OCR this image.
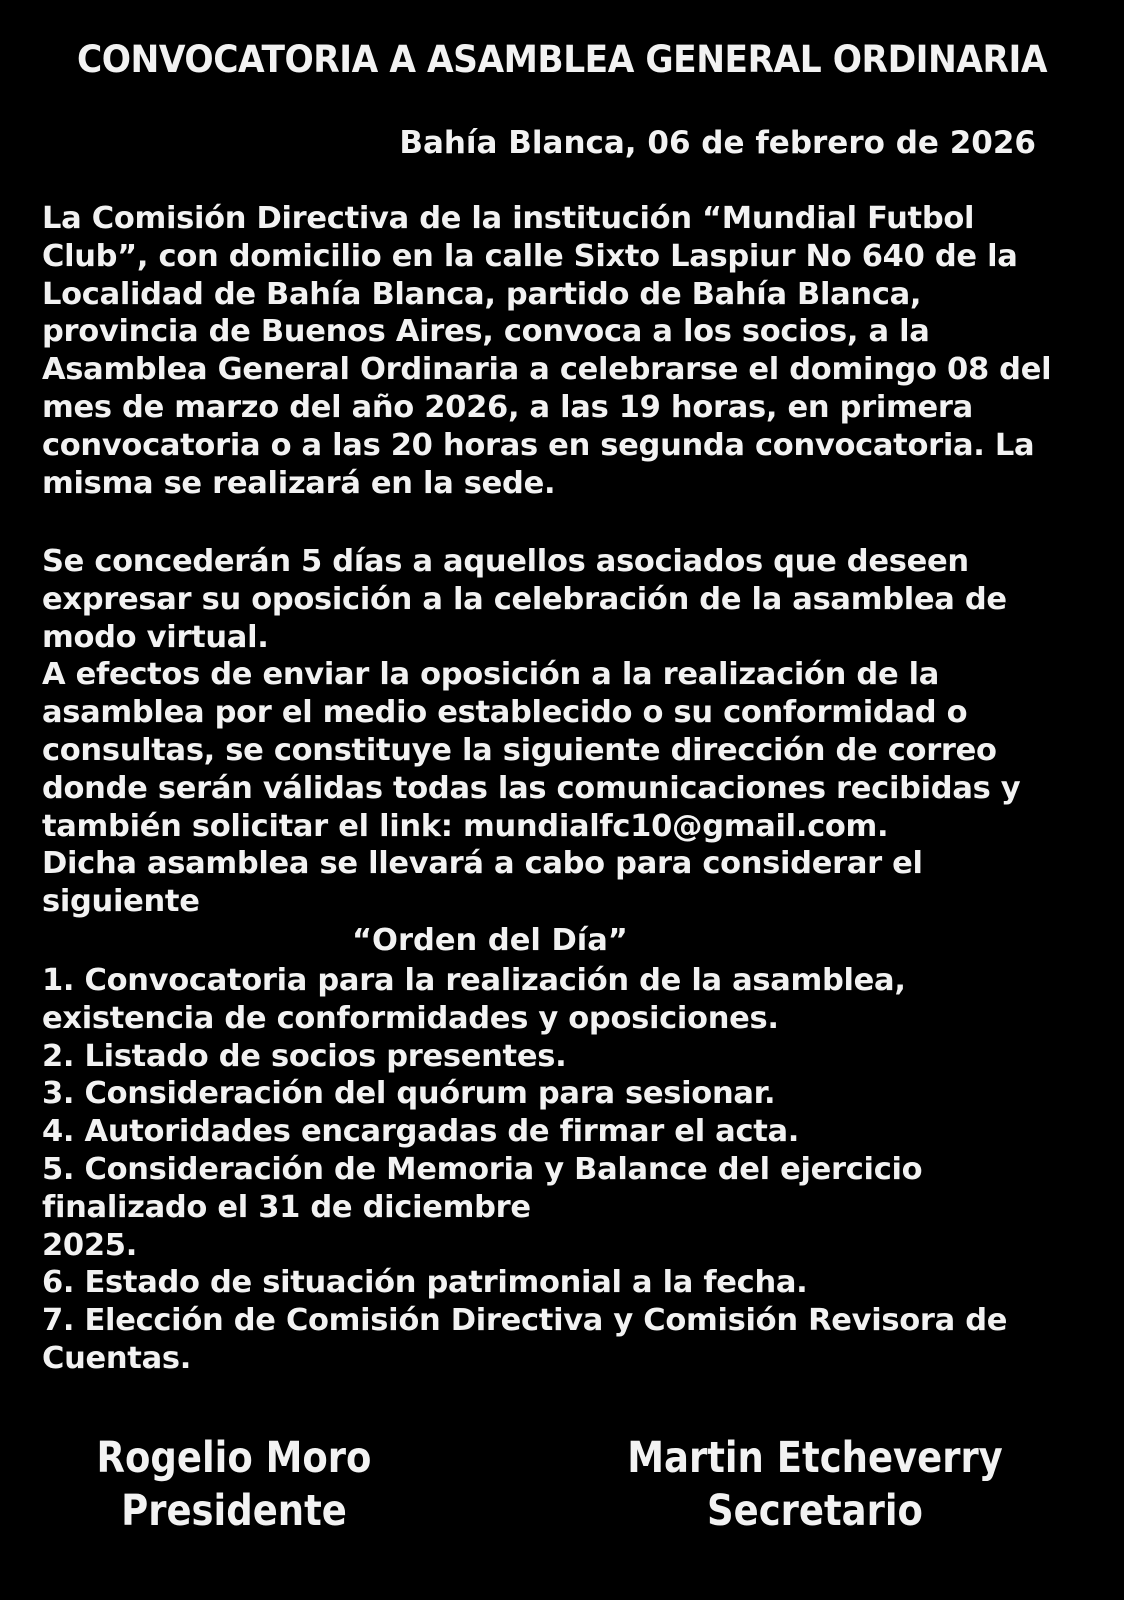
CONVOCATORIA A ASAMBLEA GENERAL ORDINARIA
Bahía Blanca, 06 de febrero de 2026
La Comisión Directiva de la institución “Mundial Futbol
Club”, con domicilio en la calle Sixto Laspiur No 640 de la
Localidad de Bahía Blanca, partido de Bahía Blanca,
provincia de Buenos Aires, convoca a los socios, a la
Asamblea General Ordinaria a celebrarse el domingo 08 del
mes de marzo del año 2026, a las 19 horas, en primera
convocatoria o a las 20 horas en segunda convocatoria. La
misma se realizará en la sede.
Se concederán 5 días a aquellos asociados que deseen
expresar su oposición a la celebración de la asamblea de
modo virtual.
A efectos de enviar la oposición a la realización de la
asamblea por el medio establecido o su conformidad o
consultas, se constituye la siguiente dirección de correo
donde serán válidas todas las comunicaciones recibidas y
también solicitar el link: mundialfc10@gmail.com.
Dicha asamblea se llevará a cabo para considerar el
siguiente
“Orden del Día”
1. Convocatoria para la realización de la asamblea,
existencia de conformidades y oposiciones.
2. Listado de socios presentes.
3. Consideración del quórum para sesionar.
4. Autoridades encargadas de firmar el acta.
5. Consideración de Memoria y Balance del ejercicio
finalizado el 31 de diciembre
2025.
6. Estado de situación patrimonial a la fecha.
7. Elección de Comisión Directiva y Comisión Revisora de
Cuentas.
Rogelio Moro
Presidente
Martin Etcheverry
Secretario
